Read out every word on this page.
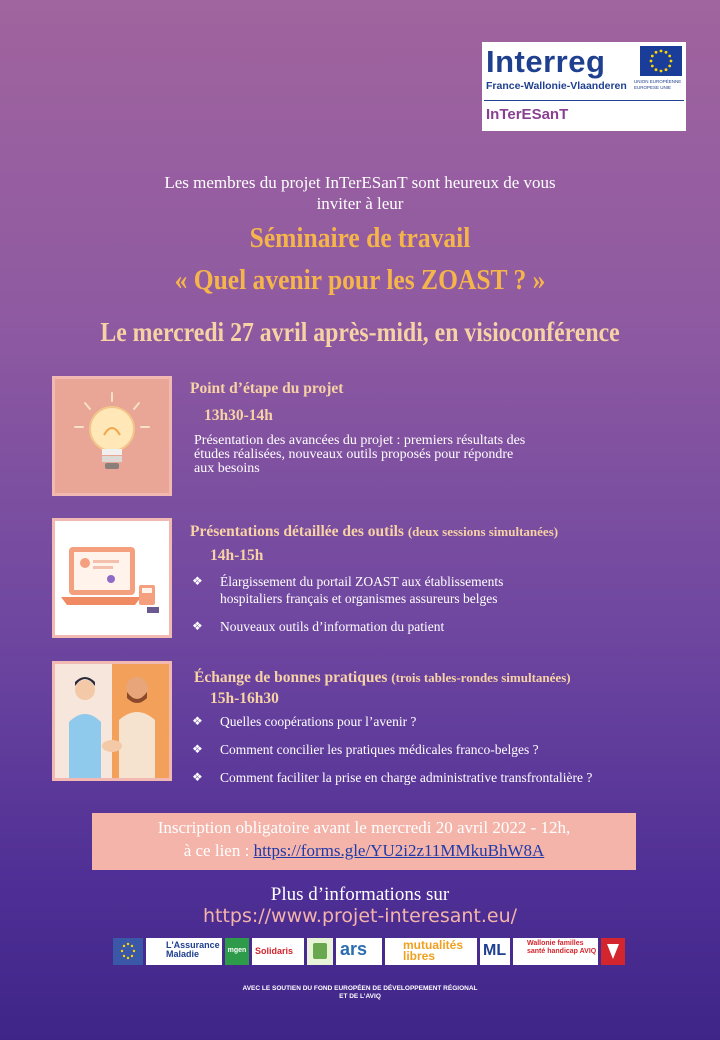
Interreg
France-Wallonie-Vlaanderen UNION EUROPÉENNE EUROPESE UNIE
InTerESanT
Les membres du projet InTerESanT sont heureux de vous
inviter à leur
Séminaire de travail
« Quel avenir pour les ZOAST ? »
Le mercredi 27 avril après-midi, en visioconférence
Point d’étape du projet
13h30-14h
Présentation des avancées du projet : premiers résultats des
études réalisées, nouveaux outils proposés pour répondre
aux besoins
Présentations détaillée des outils (deux sessions simultanées)
14h-15h
❖	Élargissement du portail ZOAST aux établissements
hospitaliers français et organismes assureurs belges
❖	Nouveaux outils d’information du patient
Échange de bonnes pratiques (trois tables-rondes simultanées)
15h-16h30
❖	Quelles coopérations pour l’avenir ?
❖	Comment concilier les pratiques médicales franco-belges ?
❖	Comment faciliter la prise en charge administrative transfrontalière ?
Inscription obligatoire avant le mercredi 20 avril 2022 - 12h,
à ce lien : https://forms.gle/YU2i2z11MMkuBhW8A
Plus d’informations sur
https://www.projet-interesant.eu/
L'Assurance Maladie	mgen Solidaris	ars	mutualités libres	ML	Wallonie familles santé handicap AVIQ
AVEC LE SOUTIEN DU FOND EUROPÉEN DE DÉVELOPPEMENT RÉGIONAL
ET DE L’AVIQ
